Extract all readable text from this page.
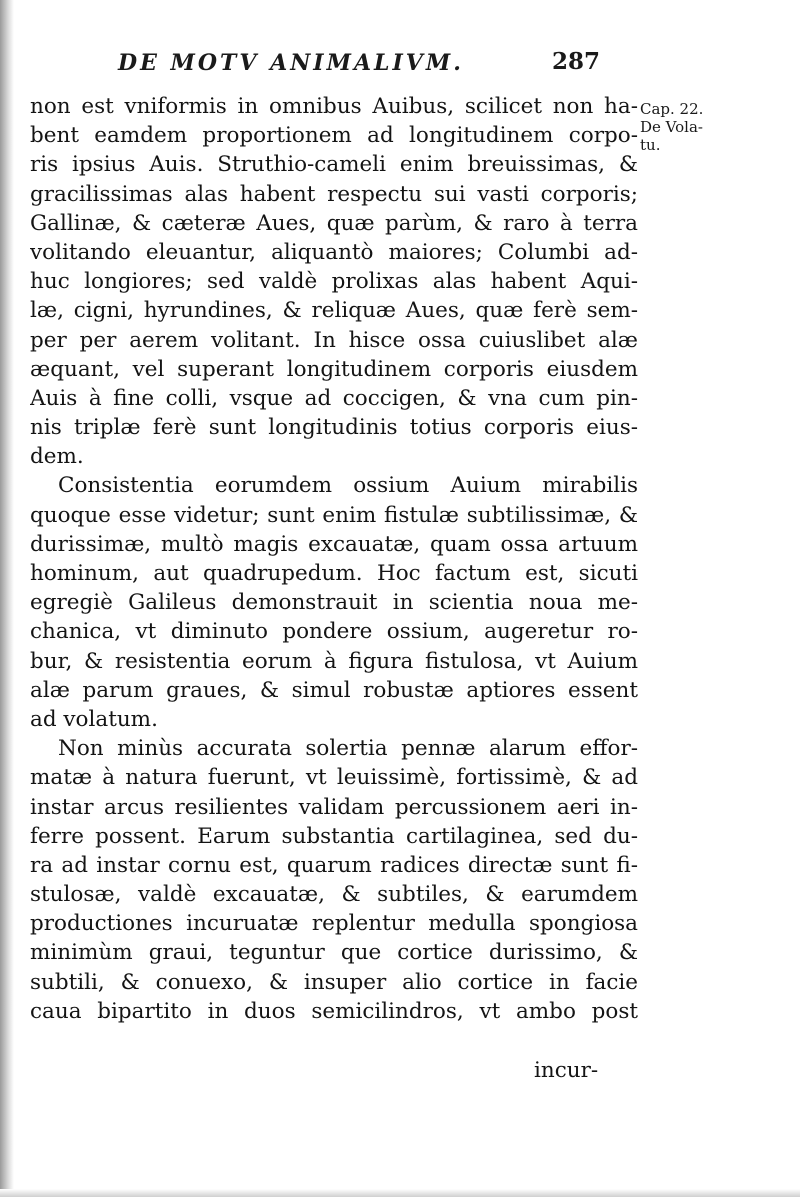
DE MOTV ANIMALIVM.	287
Cap. 22.
De Vola-
tu.
non est vniformis in omnibus Auibus, scilicet non ha-
bent eamdem proportionem ad longitudinem corpo-
ris ipsius Auis. Struthio-cameli enim breuissimas, &
gracilissimas alas habent respectu sui vasti corporis;
Gallinæ, & cæteræ Aues, quæ parùm, & raro à terra
volitando eleuantur, aliquantò maiores; Columbi ad-
huc longiores; sed valdè prolixas alas habent Aqui-
læ, cigni, hyrundines, & reliquæ Aues, quæ ferè sem-
per per aerem volitant. In hisce ossa cuiuslibet alæ
æquant, vel superant longitudinem corporis eiusdem
Auis à fine colli, vsque ad coccigen, & vna cum pin-
nis triplæ ferè sunt longitudinis totius corporis eius-
dem.
Consistentia eorumdem ossium Auium mirabilis
quoque esse videtur; sunt enim fistulæ subtilissimæ, &
durissimæ, multò magis excauatæ, quam ossa artuum
hominum, aut quadrupedum. Hoc factum est, sicuti
egregiè Galileus demonstrauit in scientia noua me-
chanica, vt diminuto pondere ossium, augeretur ro-
bur, & resistentia eorum à figura fistulosa, vt Auium
alæ parum graues, & simul robustæ aptiores essent
ad volatum.
Non minùs accurata solertia pennæ alarum effor-
matæ à natura fuerunt, vt leuissimè, fortissimè, & ad
instar arcus resilientes validam percussionem aeri in-
ferre possent. Earum substantia cartilaginea, sed du-
ra ad instar cornu est, quarum radices directæ sunt fi-
stulosæ, valdè excauatæ, & subtiles, & earumdem
productiones incuruatæ replentur medulla spongiosa
minimùm graui, teguntur que cortice durissimo, &
subtili, & conuexo, & insuper alio cortice in facie
caua bipartito in duos semicilindros, vt ambo post
incur-
